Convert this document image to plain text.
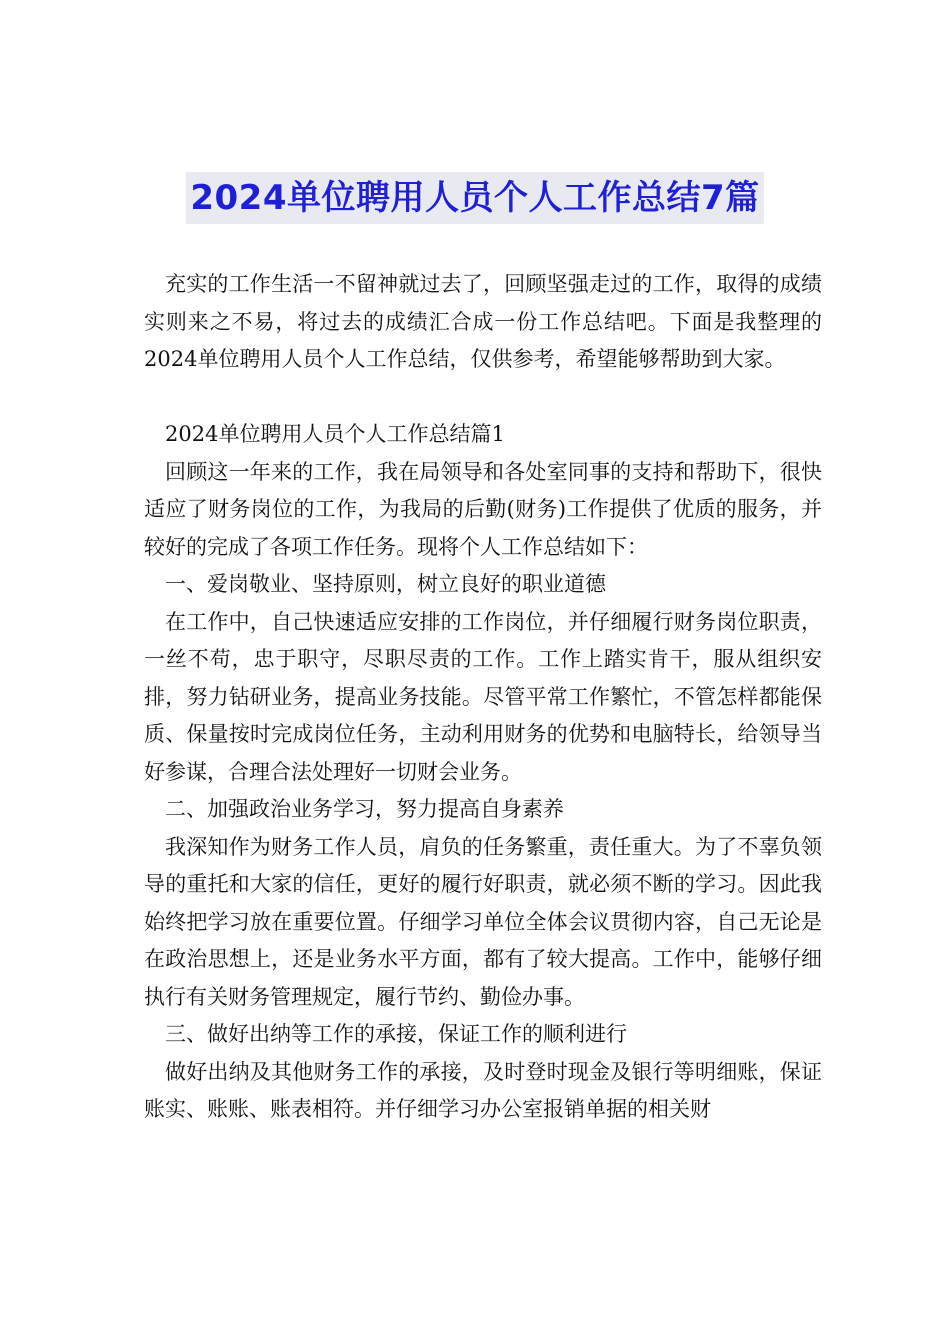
2024单位聘用人员个人工作总结7篇

充实的工作生活一不留神就过去了，回顾坚强走过的工作，取得的成绩实则来之不易，将过去的成绩汇合成一份工作总结吧。下面是我整理的2024单位聘用人员个人工作总结，仅供参考，希望能够帮助到大家。

2024单位聘用人员个人工作总结篇1

回顾这一年来的工作，我在局领导和各处室同事的支持和帮助下，很快适应了财务岗位的工作，为我局的后勤(财务)工作提供了优质的服务，并较好的完成了各项工作任务。现将个人工作总结如下：

一、爱岗敬业、坚持原则，树立良好的职业道德

在工作中，自己快速适应安排的工作岗位，并仔细履行财务岗位职责，一丝不苟，忠于职守，尽职尽责的工作。工作上踏实肯干，服从组织安排，努力钻研业务，提高业务技能。尽管平常工作繁忙，不管怎样都能保质、保量按时完成岗位任务，主动利用财务的优势和电脑特长，给领导当好参谋，合理合法处理好一切财会业务。

二、加强政治业务学习，努力提高自身素养

我深知作为财务工作人员，肩负的任务繁重，责任重大。为了不辜负领导的重托和大家的信任，更好的履行好职责，就必须不断的学习。因此我始终把学习放在重要位置。仔细学习单位全体会议贯彻内容，自己无论是在政治思想上，还是业务水平方面，都有了较大提高。工作中，能够仔细执行有关财务管理规定，履行节约、勤俭办事。

三、做好出纳等工作的承接，保证工作的顺利进行

做好出纳及其他财务工作的承接，及时登时现金及银行等明细账，保证账实、账账、账表相符。并仔细学习办公室报销单据的相关财
